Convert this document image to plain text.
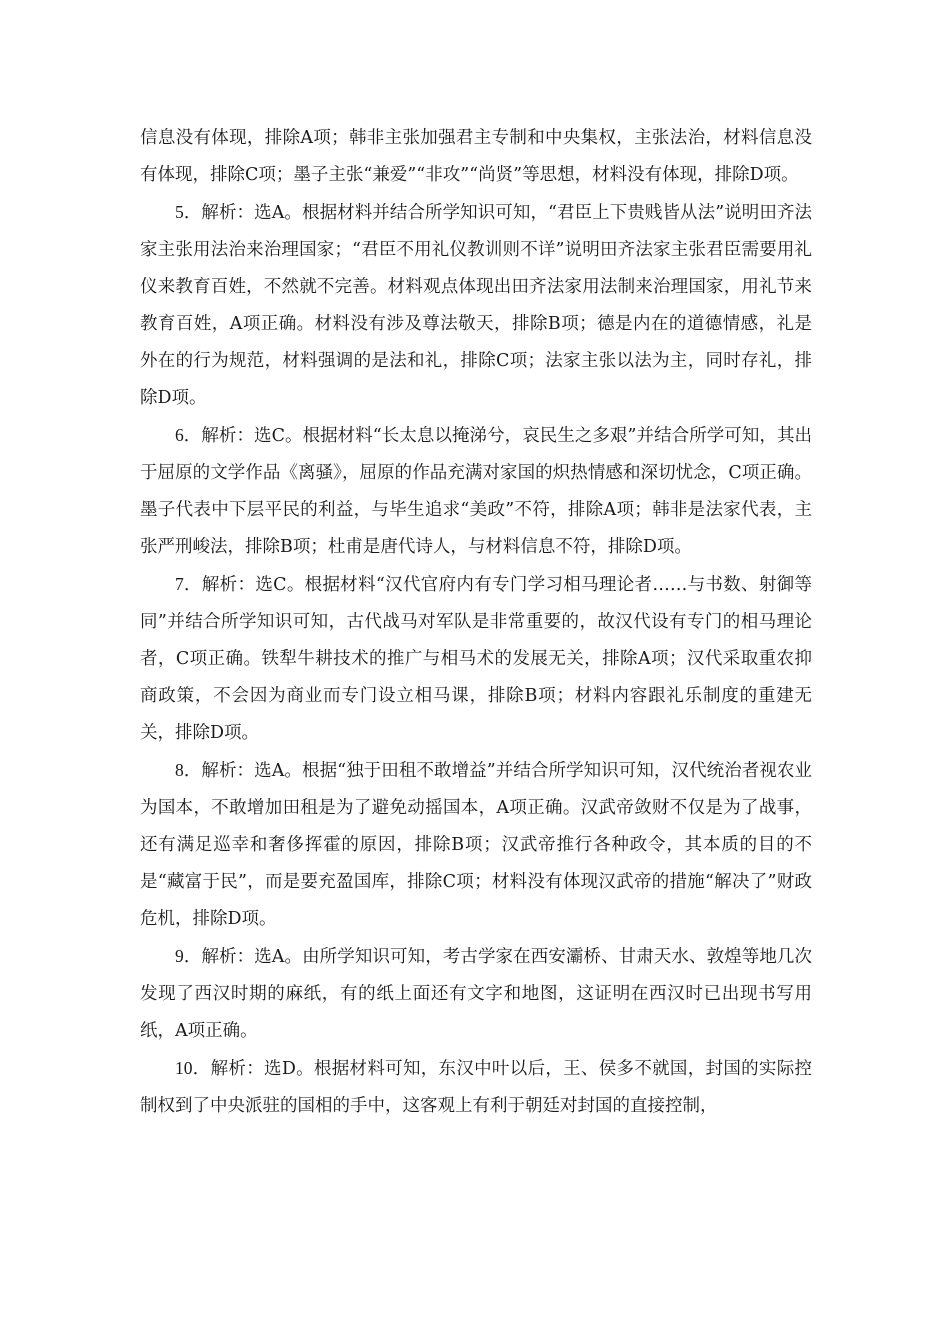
信息没有体现，排除A项；韩非主张加强君主专制和中央集权，主张法治，材料信息没有体现，排除C项；墨子主张“兼爱”“非攻”“尚贤”等思想，材料没有体现，排除D项。

5．解析：选A。根据材料并结合所学知识可知，“君臣上下贵贱皆从法”说明田齐法家主张用法治来治理国家；“君臣不用礼仪教训则不详”说明田齐法家主张君臣需要用礼仪来教育百姓，不然就不完善。材料观点体现出田齐法家用法制来治理国家，用礼节来教育百姓，A项正确。材料没有涉及尊法敬天，排除B项；德是内在的道德情感，礼是外在的行为规范，材料强调的是法和礼，排除C项；法家主张以法为主，同时存礼，排除D项。

6．解析：选C。根据材料“长太息以掩涕兮，哀民生之多艰”并结合所学可知，其出于屈原的文学作品《离骚》，屈原的作品充满对家国的炽热情感和深切忧念，C项正确。墨子代表中下层平民的利益，与毕生追求“美政”不符，排除A项；韩非是法家代表，主张严刑峻法，排除B项；杜甫是唐代诗人，与材料信息不符，排除D项。

7．解析：选C。根据材料“汉代官府内有专门学习相马理论者……与书数、射御等同”并结合所学知识可知，古代战马对军队是非常重要的，故汉代设有专门的相马理论者，C项正确。铁犁牛耕技术的推广与相马术的发展无关，排除A项；汉代采取重农抑商政策，不会因为商业而专门设立相马课，排除B项；材料内容跟礼乐制度的重建无关，排除D项。

8．解析：选A。根据“独于田租不敢增益”并结合所学知识可知，汉代统治者视农业为国本，不敢增加田租是为了避免动摇国本，A项正确。汉武帝敛财不仅是为了战事，还有满足巡幸和奢侈挥霍的原因，排除B项；汉武帝推行各种政令，其本质的目的不是“藏富于民”，而是要充盈国库，排除C项；材料没有体现汉武帝的措施“解决了”财政危机，排除D项。

9．解析：选A。由所学知识可知，考古学家在西安灞桥、甘肃天水、敦煌等地几次发现了西汉时期的麻纸，有的纸上面还有文字和地图，这证明在西汉时已出现书写用纸，A项正确。

10．解析：选D。根据材料可知，东汉中叶以后，王、侯多不就国，封国的实际控制权到了中央派驻的国相的手中，这客观上有利于朝廷对封国的直接控制，
